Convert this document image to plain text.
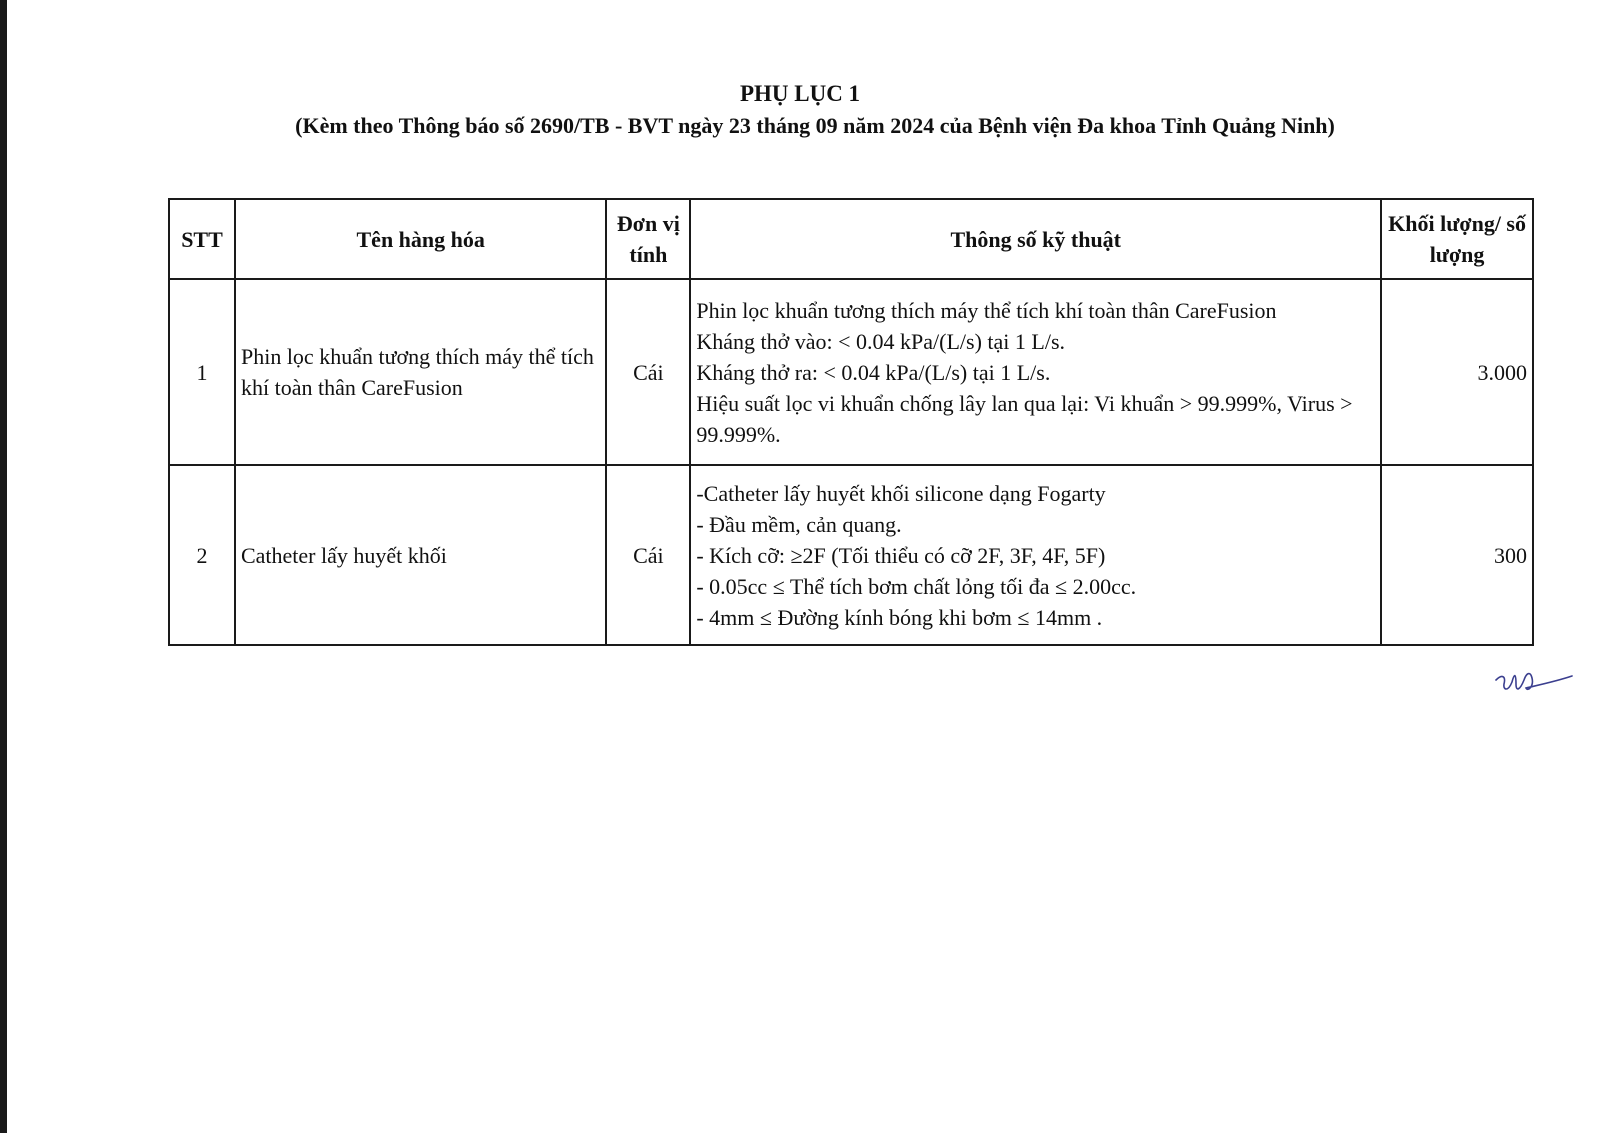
PHỤ LỤC 1
(Kèm theo Thông báo số 2690/TB - BVT ngày 23 tháng 09 năm 2024 của Bệnh viện Đa khoa Tỉnh Quảng Ninh)
STT	Tên hàng hóa	Đơn vị tính	Thông số kỹ thuật	Khối lượng/ số lượng
1	Phin lọc khuẩn tương thích máy thể tích khí toàn thân CareFusion	Cái	Phin lọc khuẩn tương thích máy thể tích khí toàn thân CareFusion
Kháng thở vào: < 0.04 kPa/(L/s) tại 1 L/s.
Kháng thở ra: < 0.04 kPa/(L/s) tại 1 L/s.
Hiệu suất lọc vi khuẩn chống lây lan qua lại: Vi khuẩn > 99.999%, Virus > 99.999%.	3.000
2	Catheter lấy huyết khối	Cái	-Catheter lấy huyết khối silicone dạng Fogarty
- Đầu mềm, cản quang.
- Kích cỡ: ≥2F (Tối thiểu có cỡ 2F, 3F, 4F, 5F)
- 0.05cc ≤ Thể tích bơm chất lỏng tối đa ≤ 2.00cc.
- 4mm ≤ Đường kính bóng khi bơm ≤ 14mm .	300
